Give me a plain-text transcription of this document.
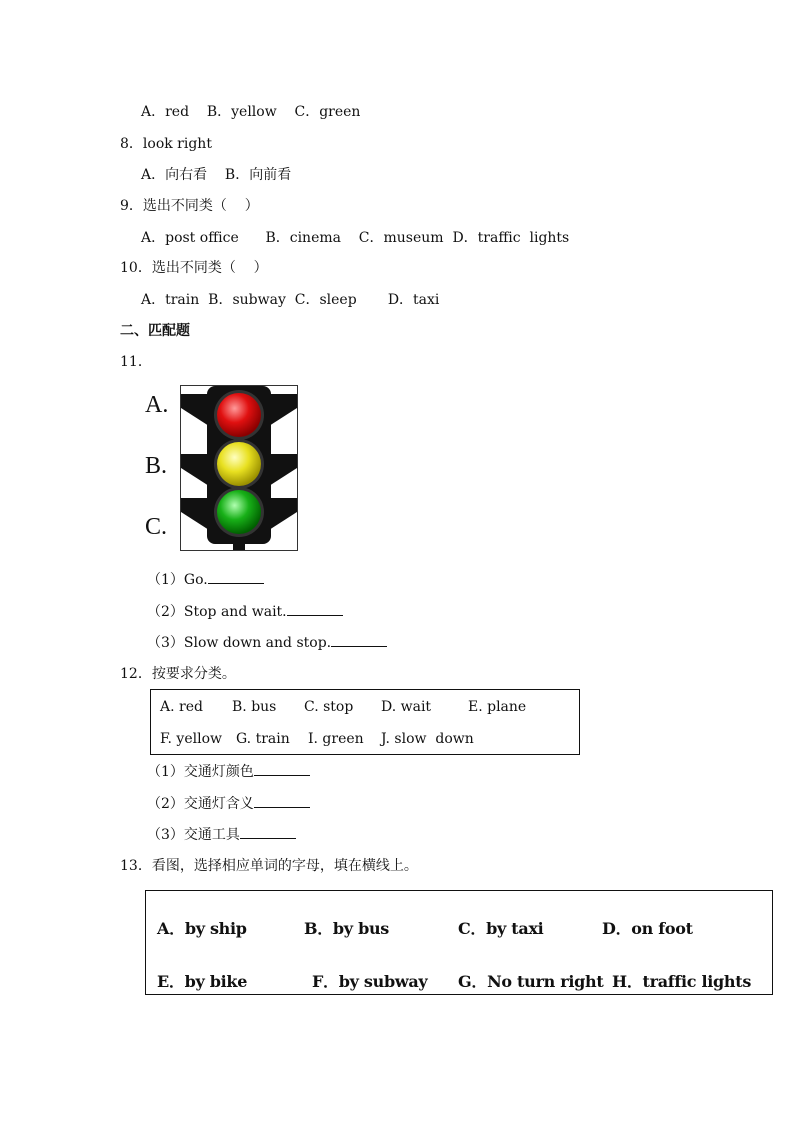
A．red    B．yellow    C．green
8．look right
A．向右看    B．向前看
9．选出不同类（    ）
A．post office      B．cinema    C．museum  D．traffic  lights
10．选出不同类（    ）
A．train  B．subway  C．sleep       D．taxi
二、匹配题
11．
A.
B.
C.
（1）Go.
（2）Stop and wait.
（3）Slow down and stop.
12．按要求分类。
A. red B. bus C. stop D. wait	E. plane
F. yellow G. train I. green J. slow  down
（1）交通灯颜色
（2）交通灯含义
（3）交通工具
13．看图，选择相应单词的字母，填在横线上。
A．by ship	B．by bus	C．by taxi	D．on foot
E．by bike	F．by subway G．No turn right H．traffic lights
